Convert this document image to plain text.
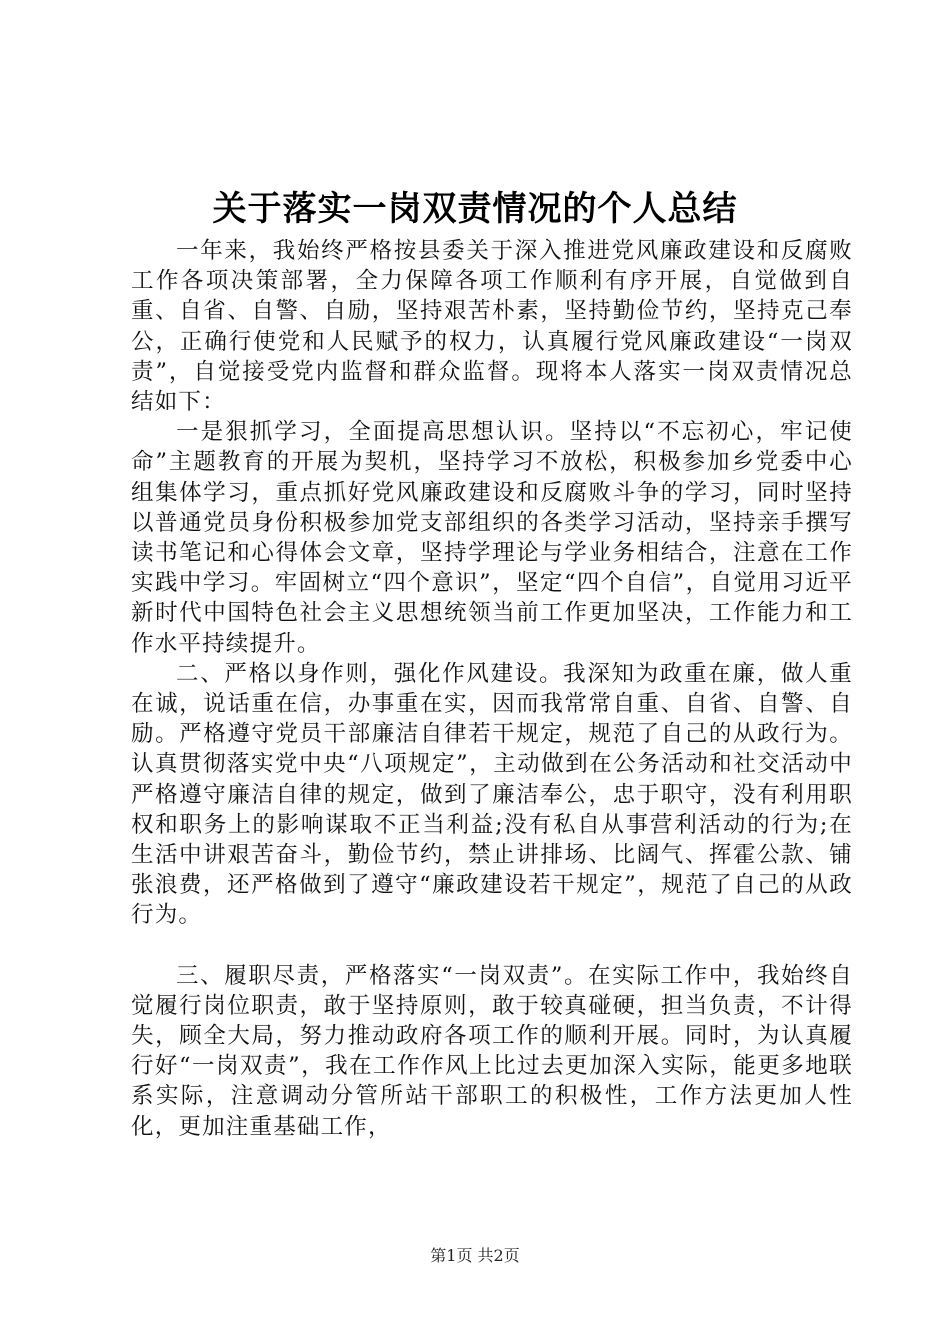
关于落实一岗双责情况的个人总结

一年来，我始终严格按县委关于深入推进党风廉政建设和反腐败工作各项决策部署，全力保障各项工作顺利有序开展，自觉做到自重、自省、自警、自励，坚持艰苦朴素，坚持勤俭节约，坚持克己奉公，正确行使党和人民赋予的权力，认真履行党风廉政建设“一岗双责”，自觉接受党内监督和群众监督。现将本人落实一岗双责情况总结如下：

一是狠抓学习，全面提高思想认识。坚持以“不忘初心，牢记使命”主题教育的开展为契机，坚持学习不放松，积极参加乡党委中心组集体学习，重点抓好党风廉政建设和反腐败斗争的学习，同时坚持以普通党员身份积极参加党支部组织的各类学习活动，坚持亲手撰写读书笔记和心得体会文章，坚持学理论与学业务相结合，注意在工作实践中学习。牢固树立“四个意识”，坚定“四个自信”，自觉用习近平新时代中国特色社会主义思想统领当前工作更加坚决，工作能力和工作水平持续提升。

二、严格以身作则，强化作风建设。我深知为政重在廉，做人重在诚，说话重在信，办事重在实，因而我常常自重、自省、自警、自励。严格遵守党员干部廉洁自律若干规定，规范了自己的从政行为。认真贯彻落实党中央“八项规定”，主动做到在公务活动和社交活动中严格遵守廉洁自律的规定，做到了廉洁奉公，忠于职守，没有利用职权和职务上的影响谋取不正当利益;没有私自从事营利活动的行为;在生活中讲艰苦奋斗，勤俭节约，禁止讲排场、比阔气、挥霍公款、铺张浪费，还严格做到了遵守“廉政建设若干规定”，规范了自己的从政行为。

三、履职尽责，严格落实“一岗双责”。在实际工作中，我始终自觉履行岗位职责，敢于坚持原则，敢于较真碰硬，担当负责，不计得失，顾全大局，努力推动政府各项工作的顺利开展。同时，为认真履行好“一岗双责”，我在工作作风上比过去更加深入实际，能更多地联系实际，注意调动分管所站干部职工的积极性，工作方法更加人性化，更加注重基础工作，

第1页 共2页
